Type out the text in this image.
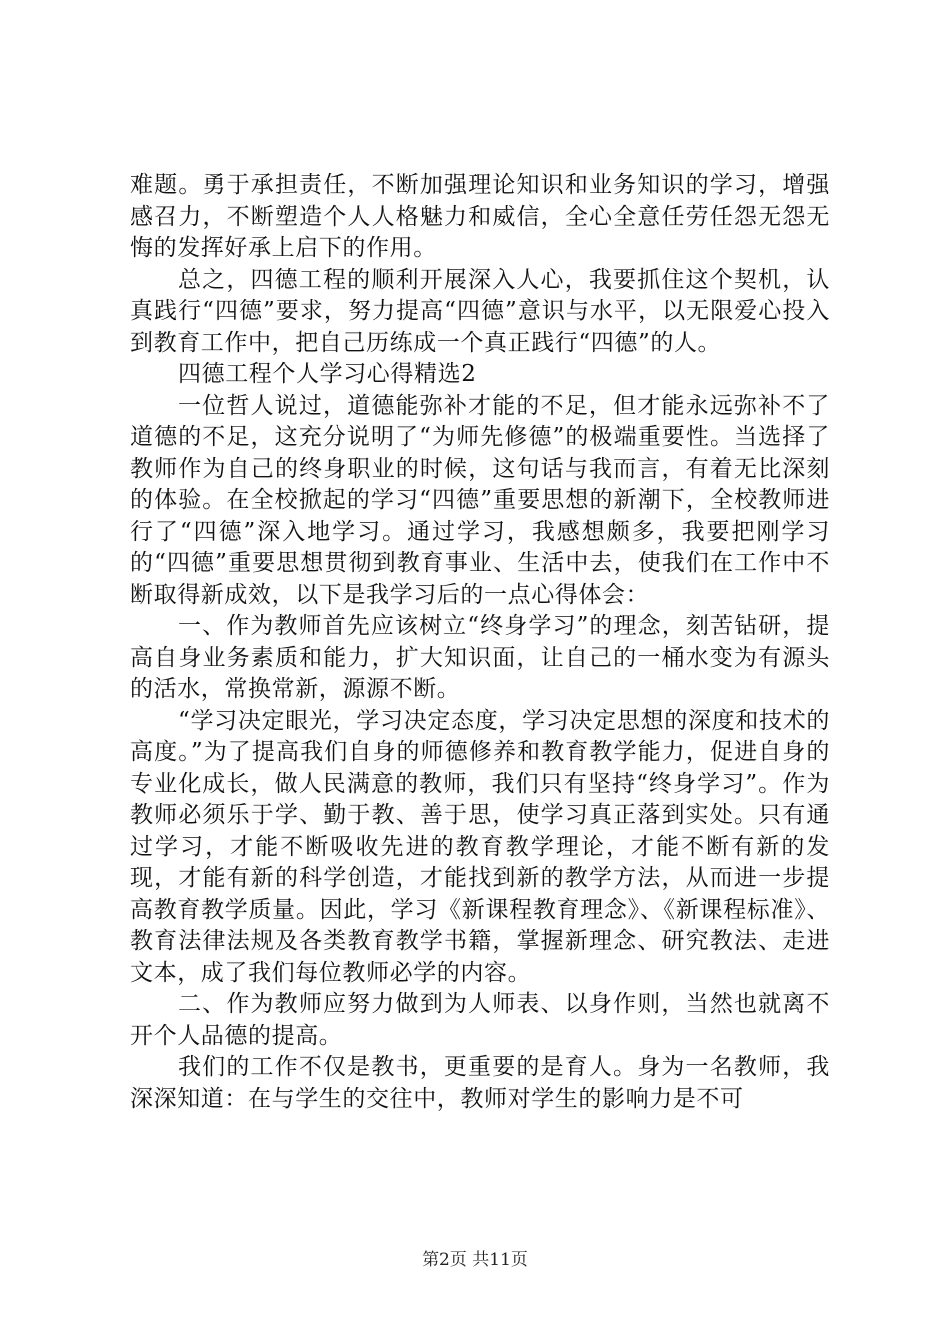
难题。勇于承担责任，不断加强理论知识和业务知识的学习，增强感召力，不断塑造个人人格魅力和威信，全心全意任劳任怨无怨无悔的发挥好承上启下的作用。

总之，四德工程的顺利开展深入人心，我要抓住这个契机，认真践行“四德”要求，努力提高“四德”意识与水平，以无限爱心投入到教育工作中，把自己历练成一个真正践行“四德”的人。

四德工程个人学习心得精选2

一位哲人说过，道德能弥补才能的不足，但才能永远弥补不了道德的不足，这充分说明了“为师先修德”的极端重要性。当选择了教师作为自己的终身职业的时候，这句话与我而言，有着无比深刻的体验。在全校掀起的学习“四德”重要思想的新潮下，全校教师进行了“四德”深入地学习。通过学习，我感想颇多，我要把刚学习的“四德”重要思想贯彻到教育事业、生活中去，使我们在工作中不断取得新成效，以下是我学习后的一点心得体会：

一、作为教师首先应该树立“终身学习”的理念，刻苦钻研，提高自身业务素质和能力，扩大知识面，让自己的一桶水变为有源头的活水，常换常新，源源不断。

“学习决定眼光，学习决定态度，学习决定思想的深度和技术的高度。”为了提高我们自身的师德修养和教育教学能力，促进自身的专业化成长，做人民满意的教师，我们只有坚持“终身学习”。作为教师必须乐于学、勤于教、善于思，使学习真正落到实处。只有通过学习，才能不断吸收先进的教育教学理论，才能不断有新的发现，才能有新的科学创造，才能找到新的教学方法，从而进一步提高教育教学质量。因此，学习《新课程教育理念》、《新课程标准》、教育法律法规及各类教育教学书籍，掌握新理念、研究教法、走进文本，成了我们每位教师必学的内容。

二、作为教师应努力做到为人师表、以身作则，当然也就离不开个人品德的提高。

我们的工作不仅是教书，更重要的是育人。身为一名教师，我深深知道：在与学生的交往中，教师对学生的影响力是不可

第2页 共11页
